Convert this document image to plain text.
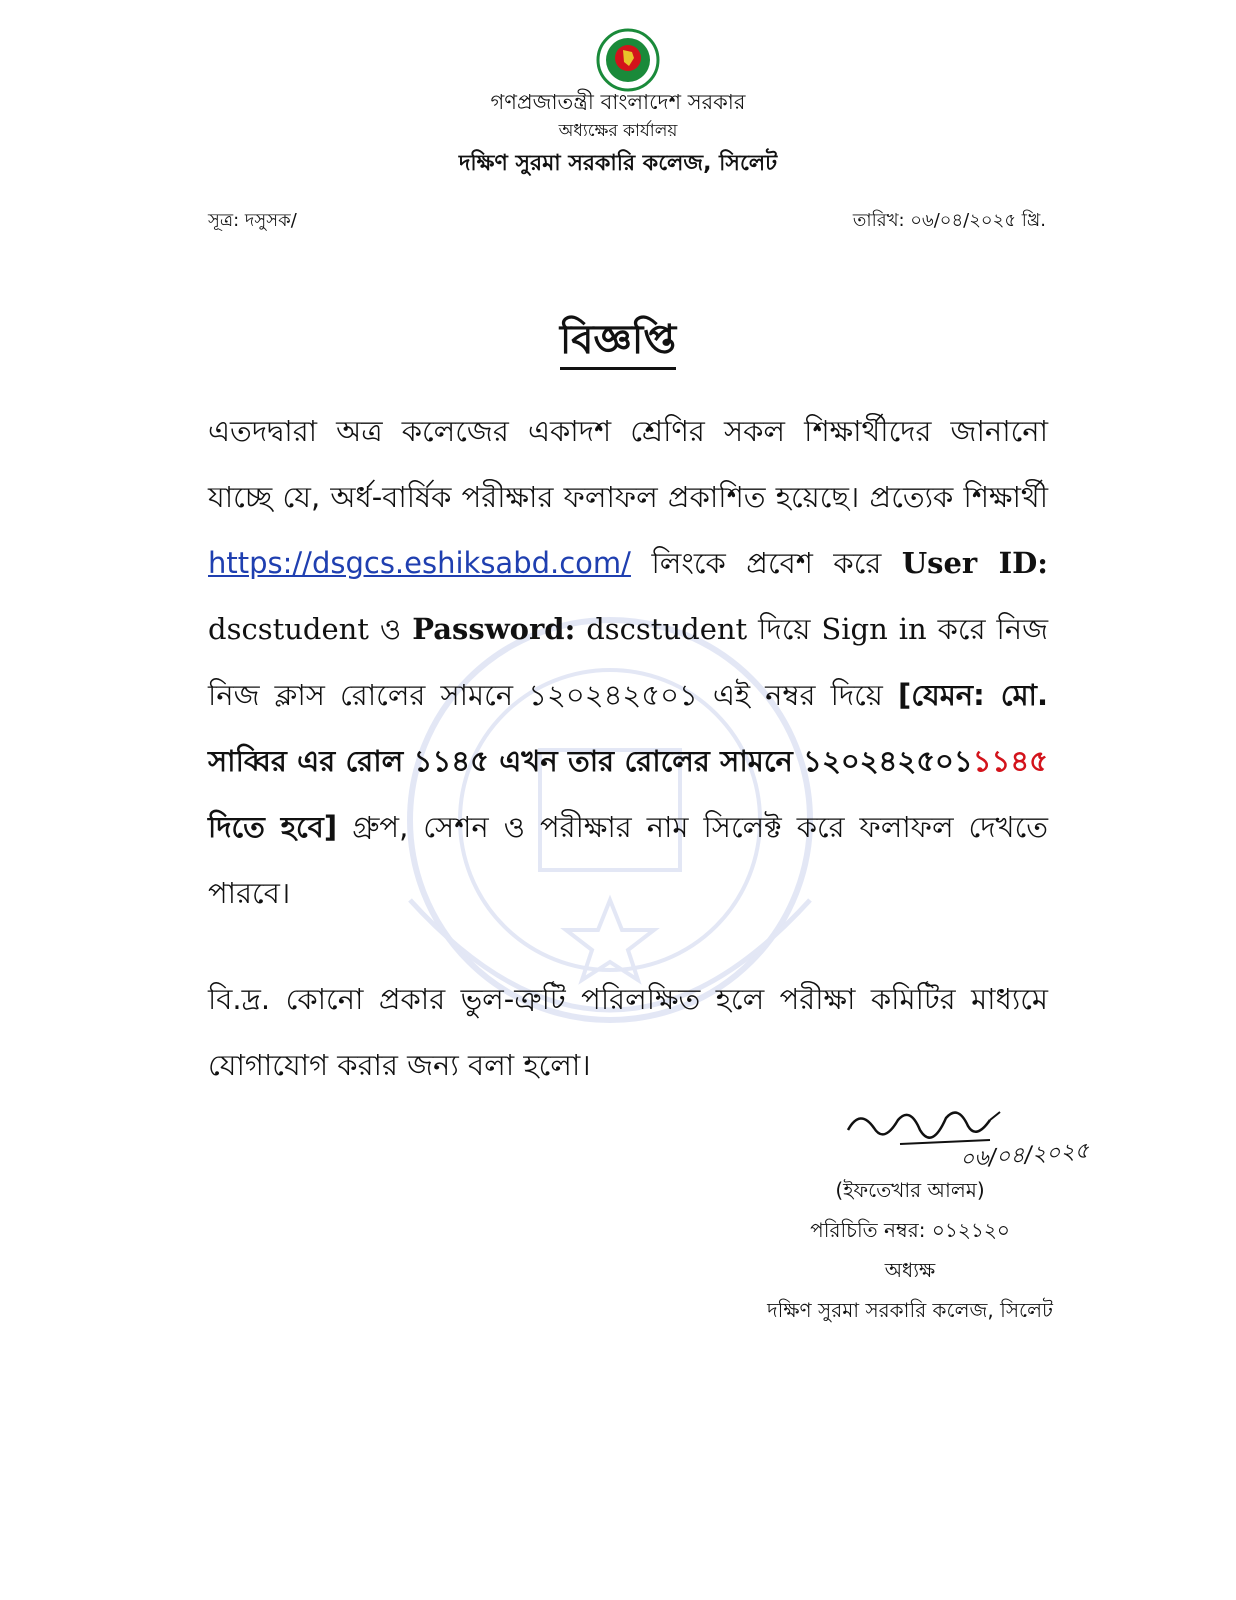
গণপ্রজাতন্ত্রী বাংলাদেশ সরকার
অধ্যক্ষের কার্যালয়
দক্ষিণ সুরমা সরকারি কলেজ, সিলেট
সূত্র: দসুসক/	তারিখ: ০৬/০৪/২০২৫ খ্রি.
বিজ্ঞপ্তি
এতদদ্বারা অত্র কলেজের একাদশ শ্রেণির সকল শিক্ষার্থীদের জানানো যাচ্ছে যে, অর্ধ-বার্ষিক পরীক্ষার ফলাফল প্রকাশিত হয়েছে। প্রত্যেক শিক্ষার্থী https://dsgcs.eshiksabd.com/ লিংকে প্রবেশ করে User ID: dscstudent ও Password: dscstudent দিয়ে Sign in করে নিজ নিজ ক্লাস রোলের সামনে ১২০২৪২৫০১ এই নম্বর দিয়ে [যেমন: মো. সাব্বির এর রোল ১১৪৫ এখন তার রোলের সামনে ১২০২৪২৫০১১১৪৫ দিতে হবে] গ্রুপ, সেশন ও পরীক্ষার নাম সিলেক্ট করে ফলাফল দেখতে পারবে।
বি.দ্র. কোনো প্রকার ভুল-ত্রুটি পরিলক্ষিত হলে পরীক্ষা কমিটির মাধ্যমে যোগাযোগ করার জন্য বলা হলো।
০৬/০৪/২০২৫
(ইফতেখার আলম)
পরিচিতি নম্বর: ০১২১২০
অধ্যক্ষ
দক্ষিণ সুরমা সরকারি কলেজ, সিলেট
